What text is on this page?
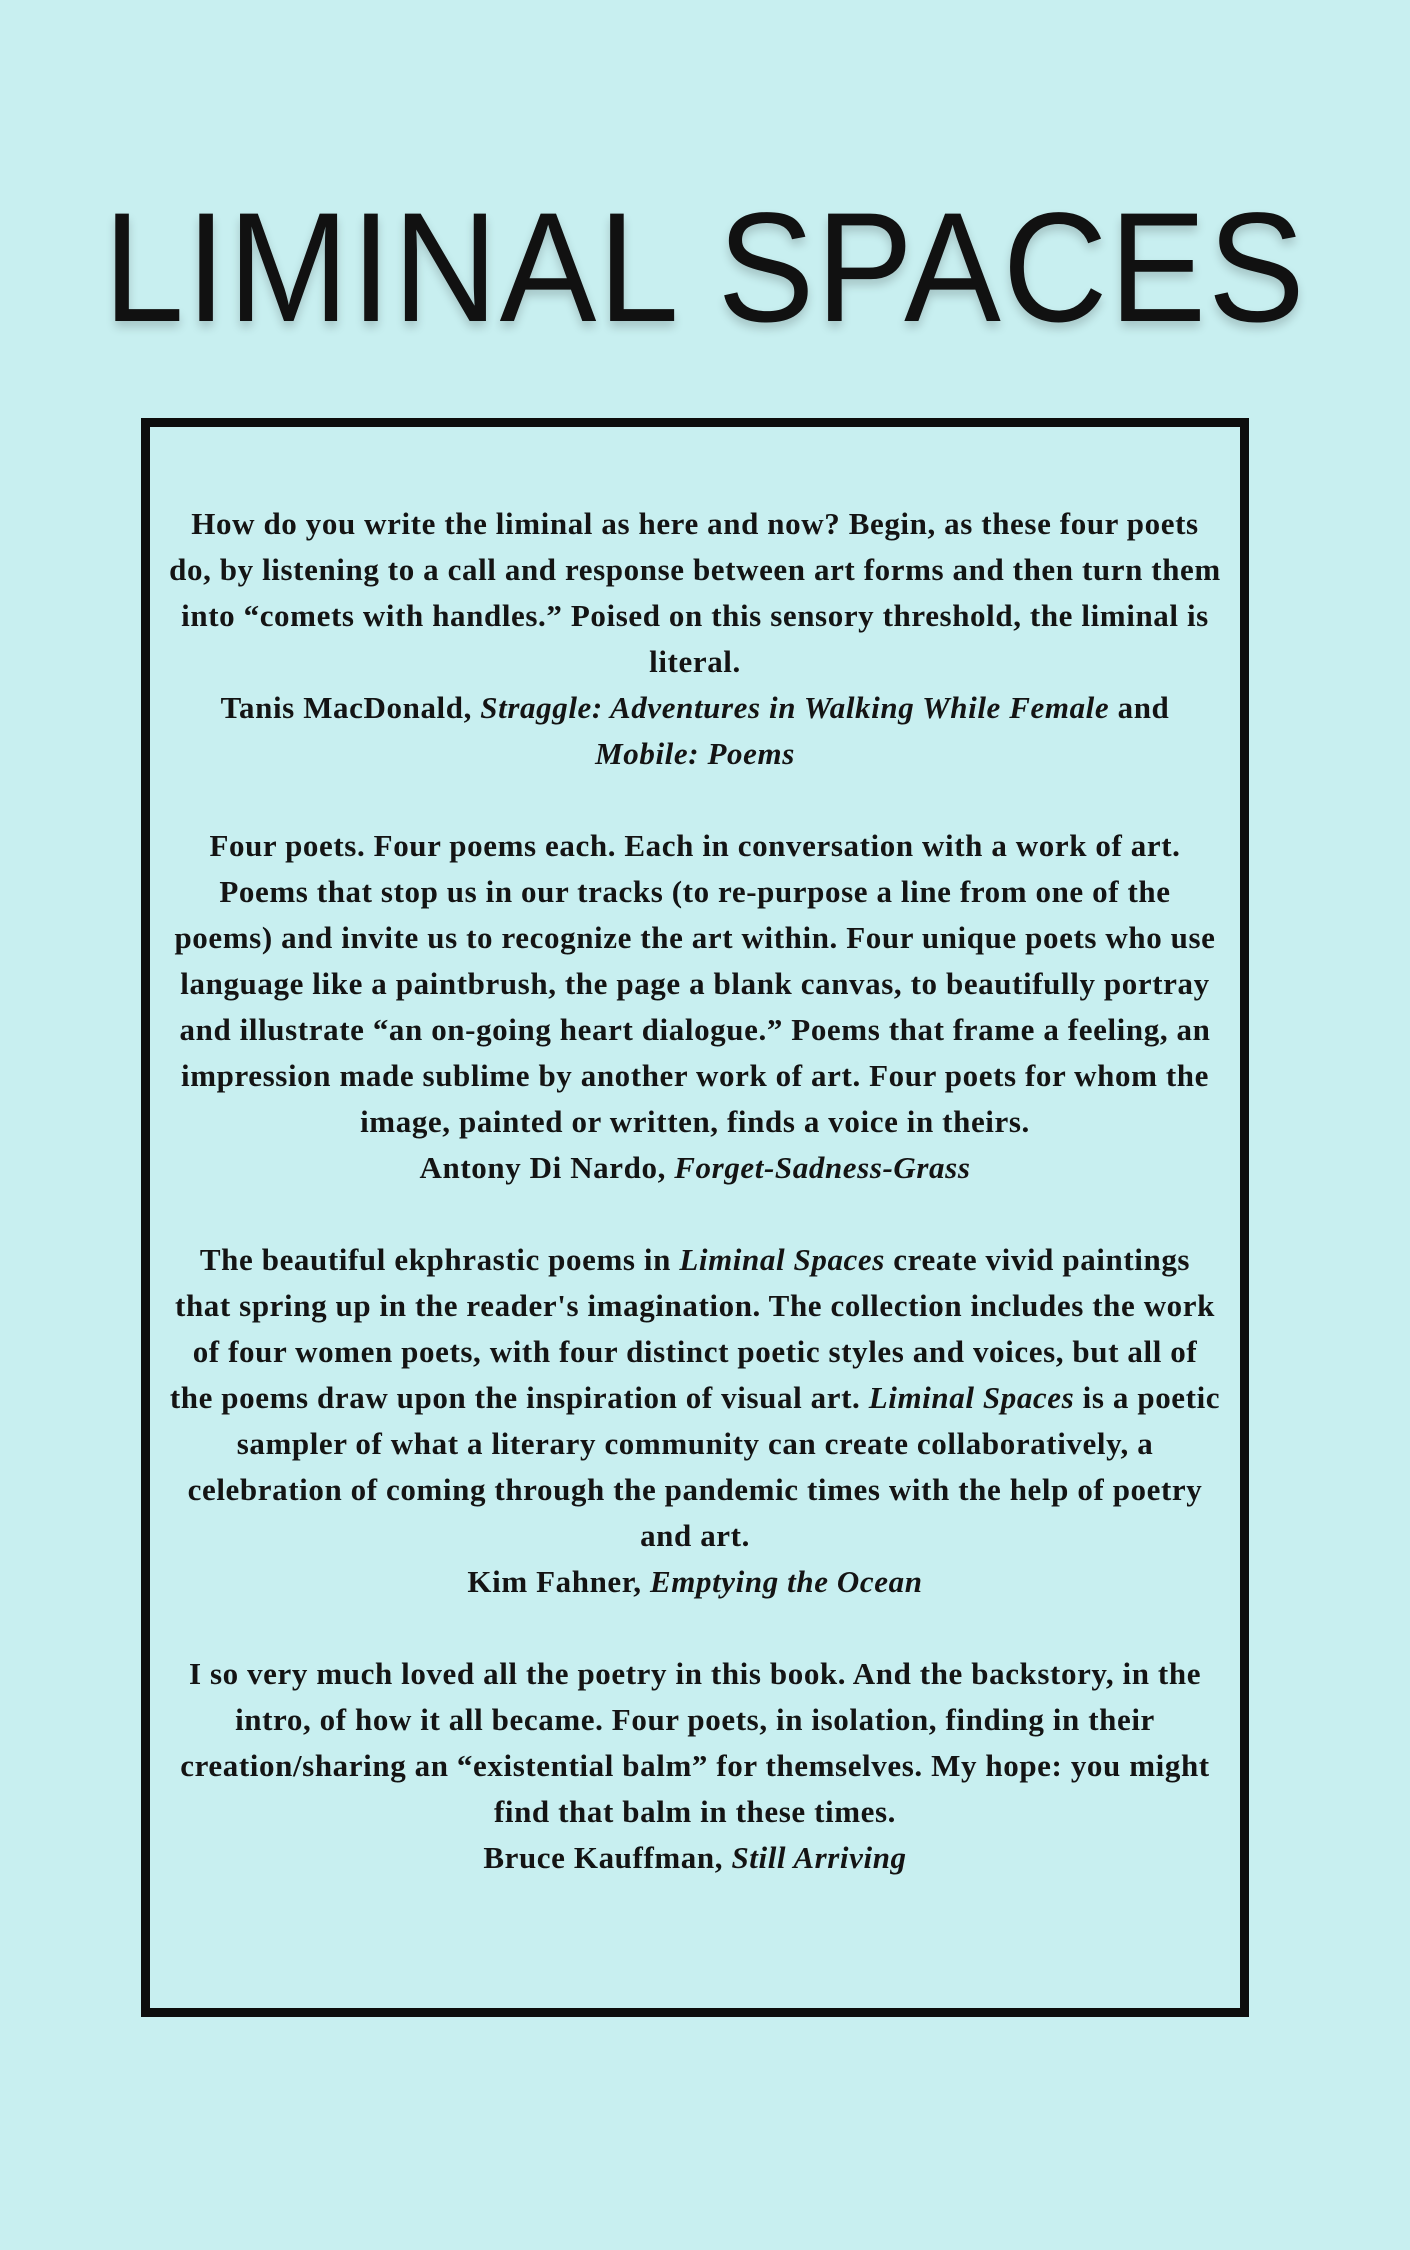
LIMINAL SPACES

How do you write the liminal as here and now? Begin, as these four poets do, by listening to a call and response between art forms and then turn them into “comets with handles.” Poised on this sensory threshold, the liminal is literal.

Tanis MacDonald, Straggle: Adventures in Walking While Female and Mobile: Poems

Four poets. Four poems each. Each in conversation with a work of art. Poems that stop us in our tracks (to re-purpose a line from one of the poems) and invite us to recognize the art within. Four unique poets who use language like a paintbrush, the page a blank canvas, to beautifully portray and illustrate “an on-going heart dialogue.” Poems that frame a feeling, an impression made sublime by another work of art. Four poets for whom the image, painted or written, finds a voice in theirs.

Antony Di Nardo, Forget-Sadness-Grass

The beautiful ekphrastic poems in Liminal Spaces create vivid paintings that spring up in the reader's imagination. The collection includes the work of four women poets, with four distinct poetic styles and voices, but all of the poems draw upon the inspiration of visual art. Liminal Spaces is a poetic sampler of what a literary community can create collaboratively, a celebration of coming through the pandemic times with the help of poetry and art.

Kim Fahner, Emptying the Ocean

I so very much loved all the poetry in this book. And the backstory, in the intro, of how it all became. Four poets, in isolation, finding in their creation/sharing an “existential balm” for themselves. My hope: you might find that balm in these times.

Bruce Kauffman, Still Arriving
